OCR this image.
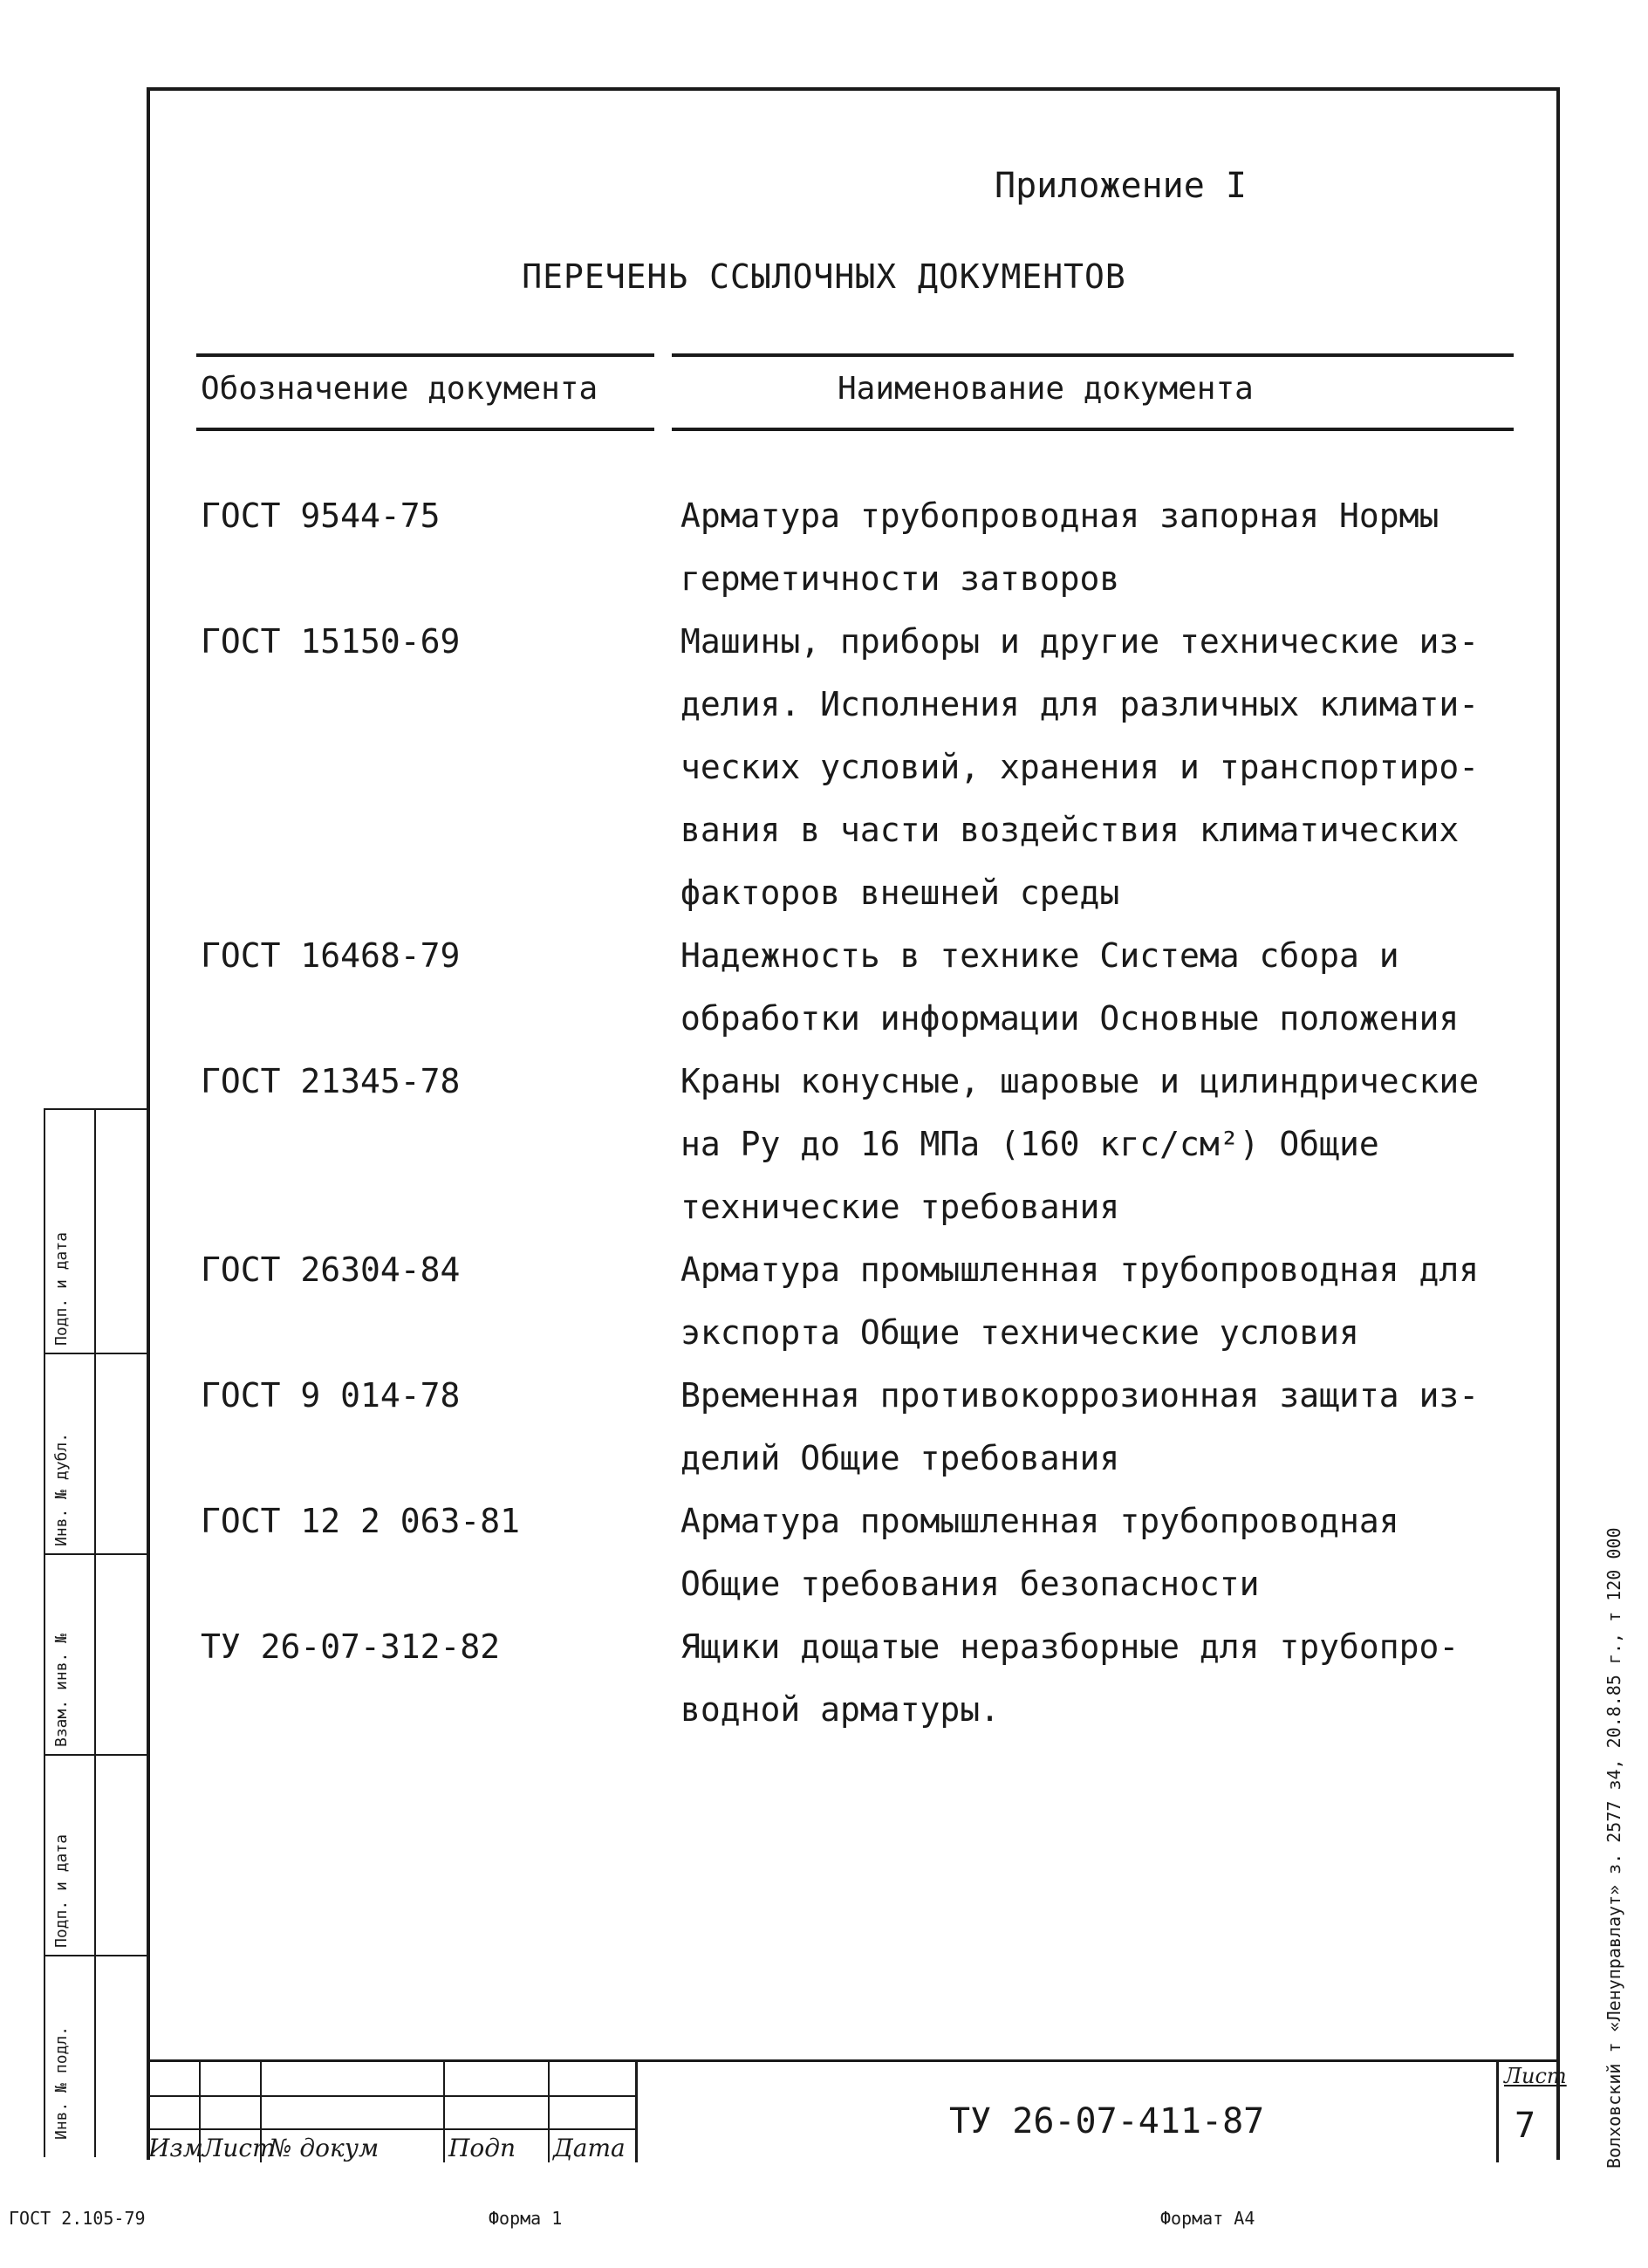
Приложение I
ПЕРЕЧЕНЬ ССЫЛОЧНЫХ ДОКУМЕНТОВ
Обозначение документа	Наименование документа
ГОСТ 9544-75	Арматура трубопроводная запорная Нормы
герметичности затворов
ГОСТ 15150-69	Машины, приборы и другие технические из-
делия. Исполнения для различных климати-
ческих условий, хранения и транспортиро-
вания в части воздействия климатических
факторов внешней среды
ГОСТ 16468-79	Надежность в технике Система сбора и
обработки информации Основные положения
ГОСТ 21345-78	Краны конусные, шаровые и цилиндрические
на Ру до 16 МПа (160 кгс/см²) Общие
технические требования
ГОСТ 26304-84	Арматура промышленная трубопроводная для
экспорта Общие технические условия
ГОСТ 9 014-78	Временная противокоррозионная защита из-
делий Общие требования
ГОСТ 12 2 063-81	Арматура промышленная трубопроводная
Общие требования безопасности
ТУ 26-07-312-82	Ящики дощатые неразборные для трубопро-
водной арматуры.
Изм Лист
№ докум	Подп Дата
ТУ 26-07-411-87
Лист
7
Инв. № подл.
Подп. и дата
Взам. инв. №
Инв. № дубл.
Подп. и дата
Волховский т «Ленуправлаут» з. 2577 з4, 20.8.85 г., т 120 000
ГОСТ 2.105-79	Форма 1	Формат А4
